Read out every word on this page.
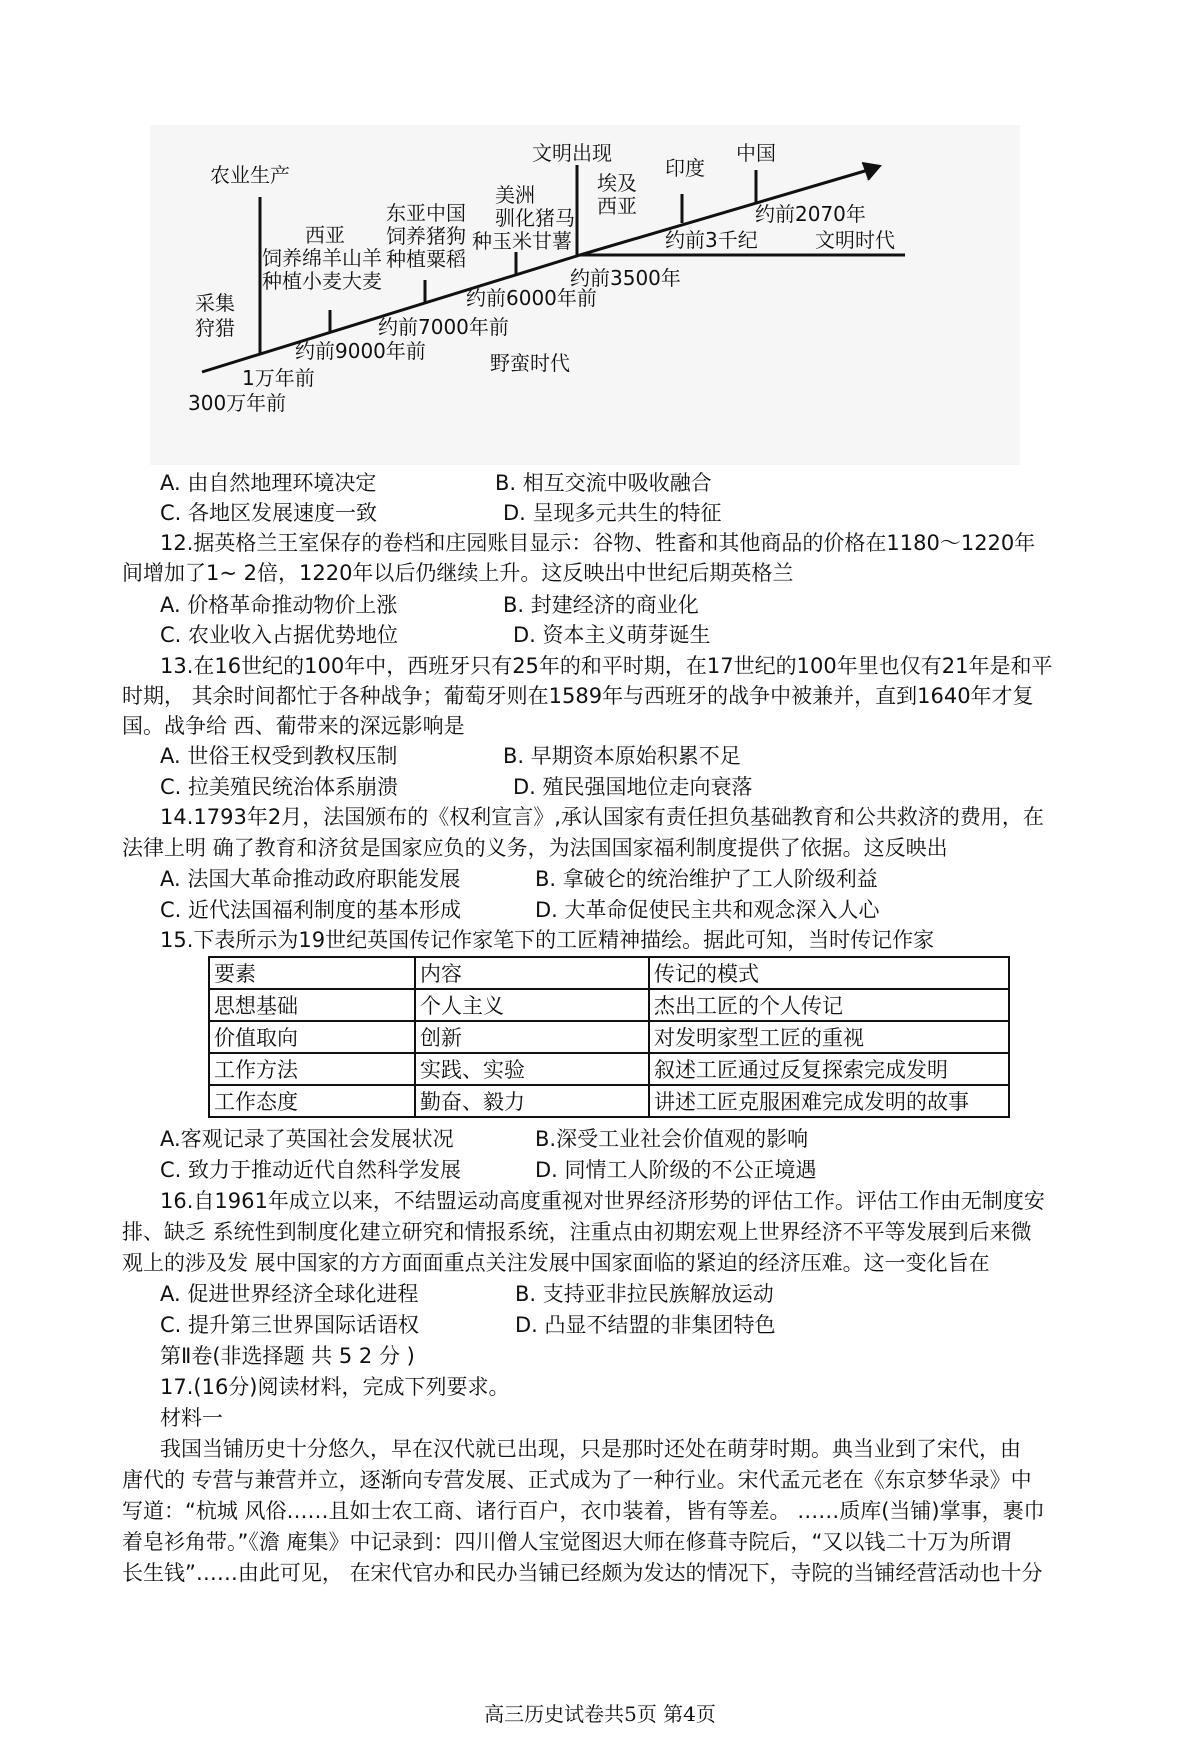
农业生产
采集
狩猎
西亚
饲养绵羊山羊
种植小麦大麦
东亚中国
饲养猪狗
种植粟稻
美洲
驯化猪马
种玉米甘薯
文明出现
埃及
西亚
印度
中国
300万年前
1万年前
约前9000年前
约前7000年前
约前6000年前
约前3500年
约前3千纪
约前2070年
野蛮时代
文明时代
A. 由自然地理环境决定	B. 相互交流中吸收融合
C. 各地区发展速度一致	D. 呈现多元共生的特征
12.据英格兰王室保存的卷档和庄园账目显示：谷物、牲畜和其他商品的价格在1180～1220年
间增加了1~ 2倍，1220年以后仍继续上升。这反映出中世纪后期英格兰
A. 价格革命推动物价上涨	B. 封建经济的商业化
C. 农业收入占据优势地位	D. 资本主义萌芽诞生
13.在16世纪的100年中，西班牙只有25年的和平时期，在17世纪的100年里也仅有21年是和平
时期， 其余时间都忙于各种战争；葡萄牙则在1589年与西班牙的战争中被兼并，直到1640年才复
国。战争给 西、葡带来的深远影响是
A. 世俗王权受到教权压制	B. 早期资本原始积累不足
C. 拉美殖民统治体系崩溃	D. 殖民强国地位走向衰落
14.1793年2月，法国颁布的《权利宣言》,承认国家有责任担负基础教育和公共救济的费用，在
法律上明 确了教育和济贫是国家应负的义务，为法国国家福利制度提供了依据。这反映出
A. 法国大革命推动政府职能发展	B. 拿破仑的统治维护了工人阶级利益
C. 近代法国福利制度的基本形成	D. 大革命促使民主共和观念深入人心
15.下表所示为19世纪英国传记作家笔下的工匠精神描绘。据此可知，当时传记作家
要素	内容	传记的模式
思想基础	个人主义	杰出工匠的个人传记
价值取向	创新	对发明家型工匠的重视
工作方法	实践、实验	叙述工匠通过反复探索完成发明
工作态度	勤奋、毅力	讲述工匠克服困难完成发明的故事
A.客观记录了英国社会发展状况	B.深受工业社会价值观的影响
C. 致力于推动近代自然科学发展	D. 同情工人阶级的不公正境遇
16.自1961年成立以来，不结盟运动高度重视对世界经济形势的评估工作。评估工作由无制度安
排、缺乏 系统性到制度化建立研究和情报系统，注重点由初期宏观上世界经济不平等发展到后来微
观上的涉及发 展中国家的方方面面重点关注发展中国家面临的紧迫的经济压难。这一变化旨在
A. 促进世界经济全球化进程	B. 支持亚非拉民族解放运动
C. 提升第三世界国际话语权	D. 凸显不结盟的非集团特色
第Ⅱ卷(非选择题 共 5 2 分 )
17.(16分)阅读材料，完成下列要求。
材料一
我国当铺历史十分悠久，早在汉代就已出现，只是那时还处在萌芽时期。典当业到了宋代，由
唐代的 专营与兼营并立，逐渐向专营发展、正式成为了一种行业。宋代孟元老在《东京梦华录》中
写道：“杭城 风俗……且如士农工商、诸行百户，衣巾装着，皆有等差。 ……质库(当铺)掌事，裹巾
着皂衫角带。”《澹 庵集》中记录到：四川僧人宝觉图迟大师在修葺寺院后，“又以钱二十万为所谓
长生钱”……由此可见， 在宋代官办和民办当铺已经颇为发达的情况下，寺院的当铺经营活动也十分
高三历史试卷共5页 第4页
